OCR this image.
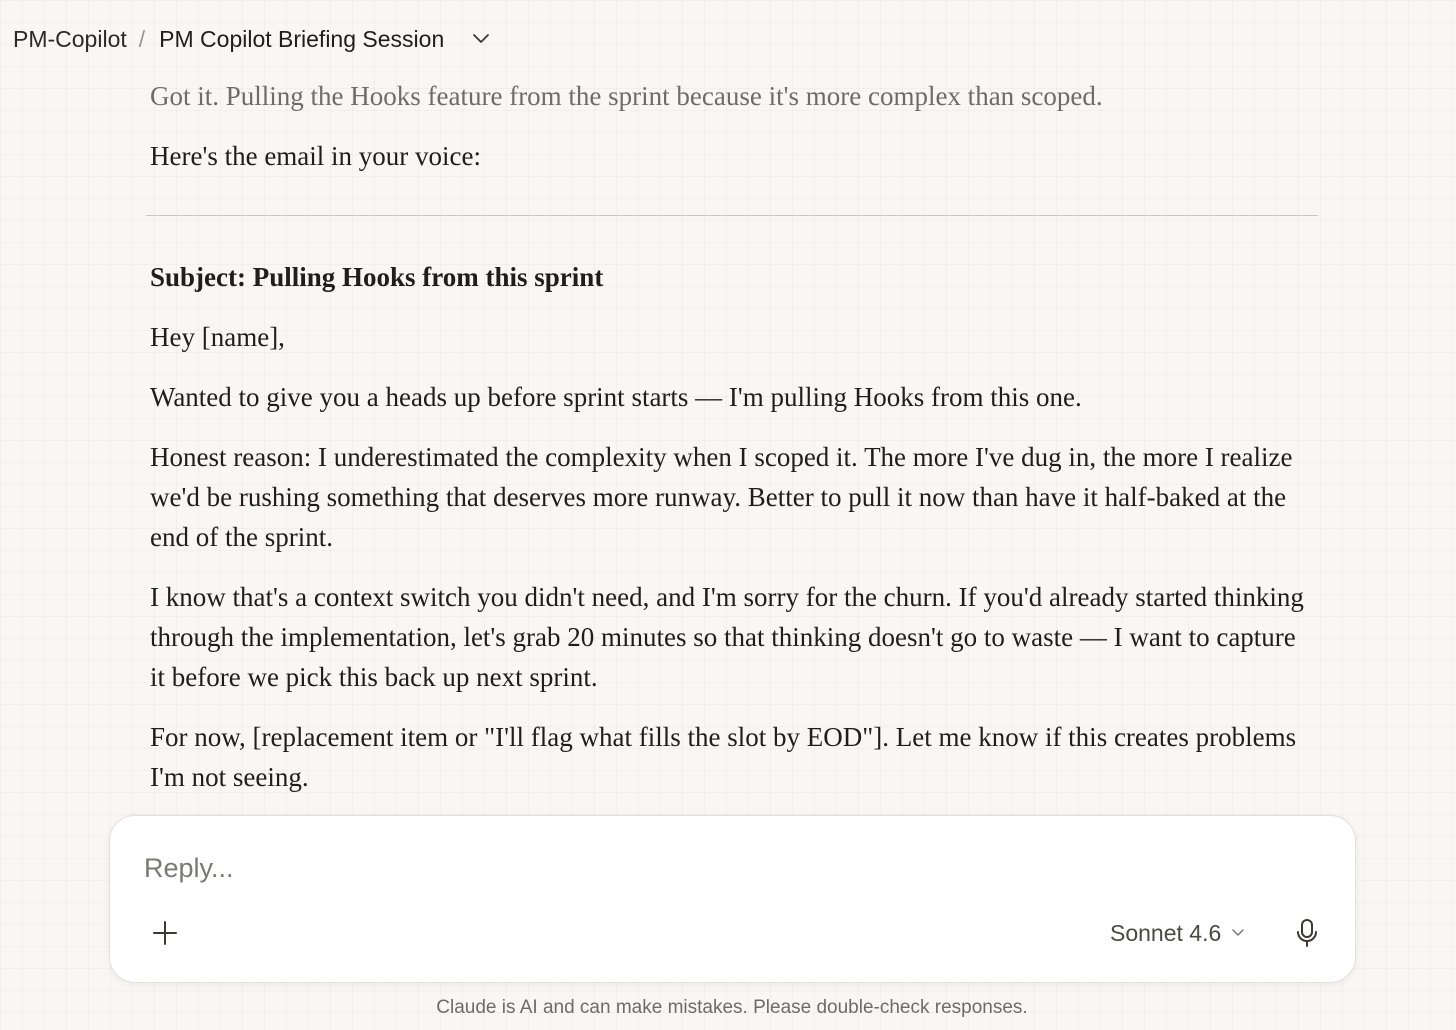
PM-Copilot / PM Copilot Briefing Session

Got it. Pulling the Hooks feature from the sprint because it's more complex than scoped.

Here's the email in your voice:

Subject: Pulling Hooks from this sprint

Hey [name],

Wanted to give you a heads up before sprint starts — I'm pulling Hooks from this one.

Honest reason: I underestimated the complexity when I scoped it. The more I've dug in, the more I realize we'd be rushing something that deserves more runway. Better to pull it now than have it half-baked at the end of the sprint.

I know that's a context switch you didn't need, and I'm sorry for the churn. If you'd already started thinking through the implementation, let's grab 20 minutes so that thinking doesn't go to waste — I want to capture it before we pick this back up next sprint.

For now, [replacement item or "I'll flag what fills the slot by EOD"]. Let me know if this creates problems I'm not seeing.

Reply...
Sonnet 4.6
Claude is AI and can make mistakes. Please double-check responses.
